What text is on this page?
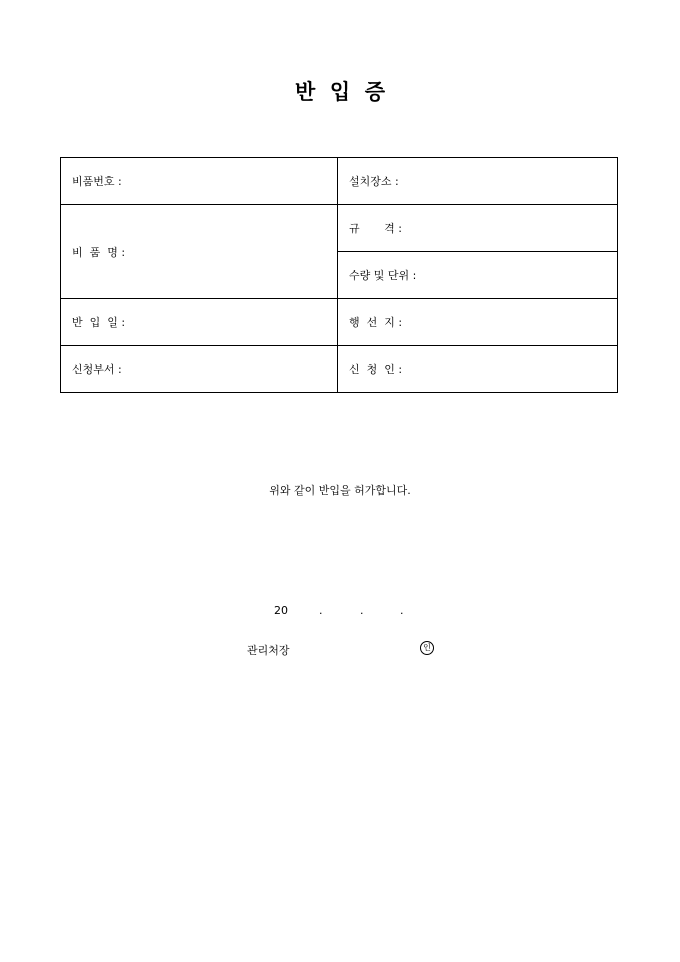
반  입  증
비품번호 :	설치장소 :
비  품  명 :	규       격 :
	수량 및 단위 :
반  입  일 :	행  선  지 :
신청부서 :	신  청  인 :
위와 같이 반입을 허가합니다.
20	.	.	.
관리처장	인
